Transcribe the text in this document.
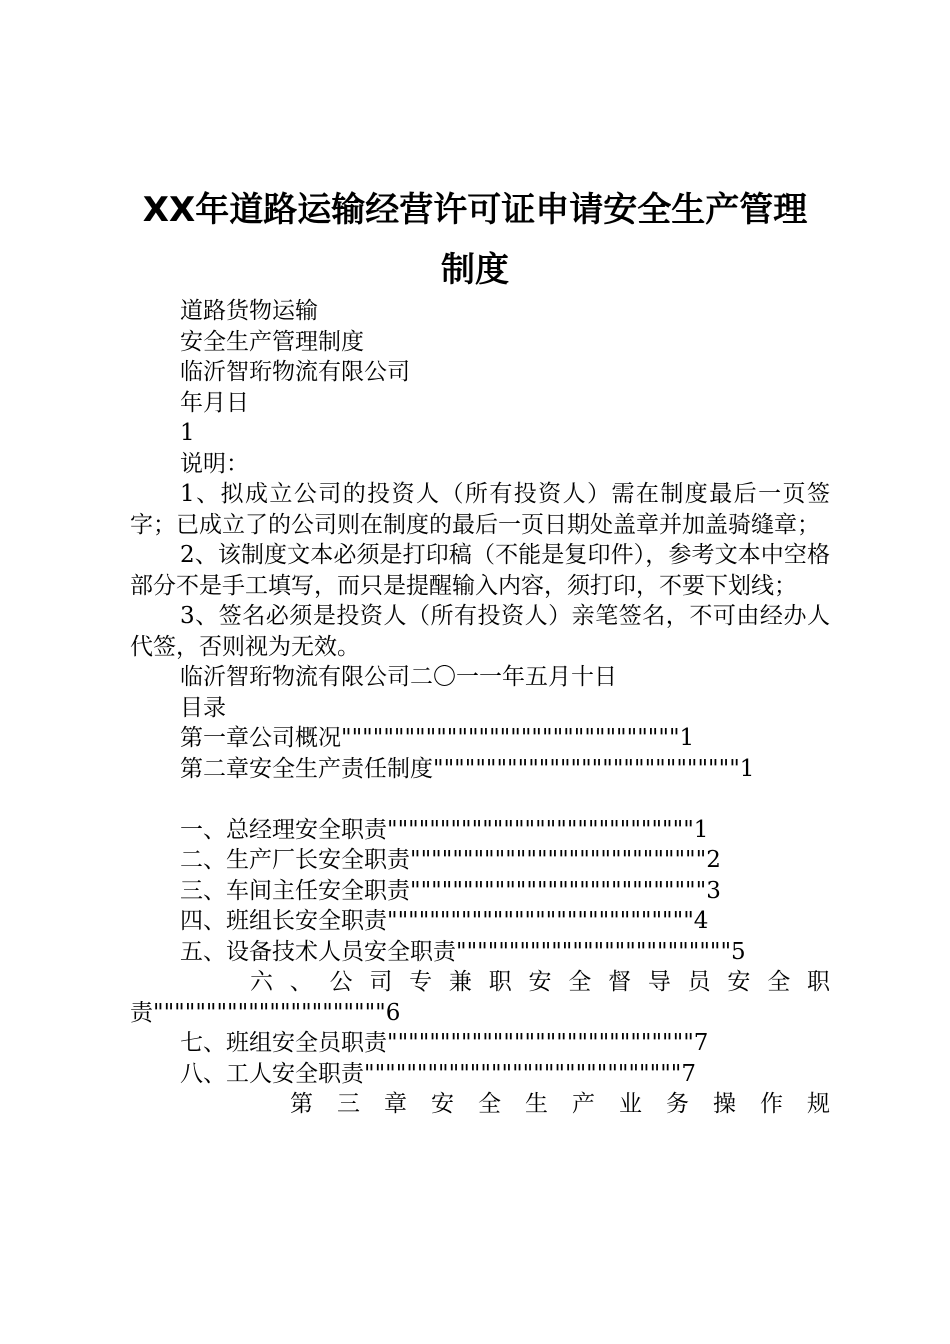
XX年道路运输经营许可证申请安全生产管理
制度
道路货物运输
安全生产管理制度
临沂智珩物流有限公司
年月日
1
说明：
1、拟成立公司的投资人（所有投资人）需在制度最后一页签字；已成立了的公司则在制度的最后一页日期处盖章并加盖骑缝章；
2、该制度文本必须是打印稿（不能是复印件），参考文本中空格部分不是手工填写，而只是提醒输入内容，须打印，不要下划线；
3、签名必须是投资人（所有投资人）亲笔签名，不可由经办人代签，否则视为无效。
临沂智珩物流有限公司二〇一一年五月十日
目录
第一章公司概况""""""""""""""""""""""""""""""""1
第二章安全生产责任制度"""""""""""""""""""""""""""""1
一、总经理安全职责"""""""""""""""""""""""""""""1
二、生产厂长安全职责""""""""""""""""""""""""""""2
三、车间主任安全职责""""""""""""""""""""""""""""3
四、班组长安全职责"""""""""""""""""""""""""""""4
五、设备技术人员安全职责""""""""""""""""""""""""""5
六、公司专兼职安全督导员安全职
责""""""""""""""""""""""6
七、班组安全员职责"""""""""""""""""""""""""""""7
八、工人安全职责""""""""""""""""""""""""""""""7
第三章安全生产业务操作规
